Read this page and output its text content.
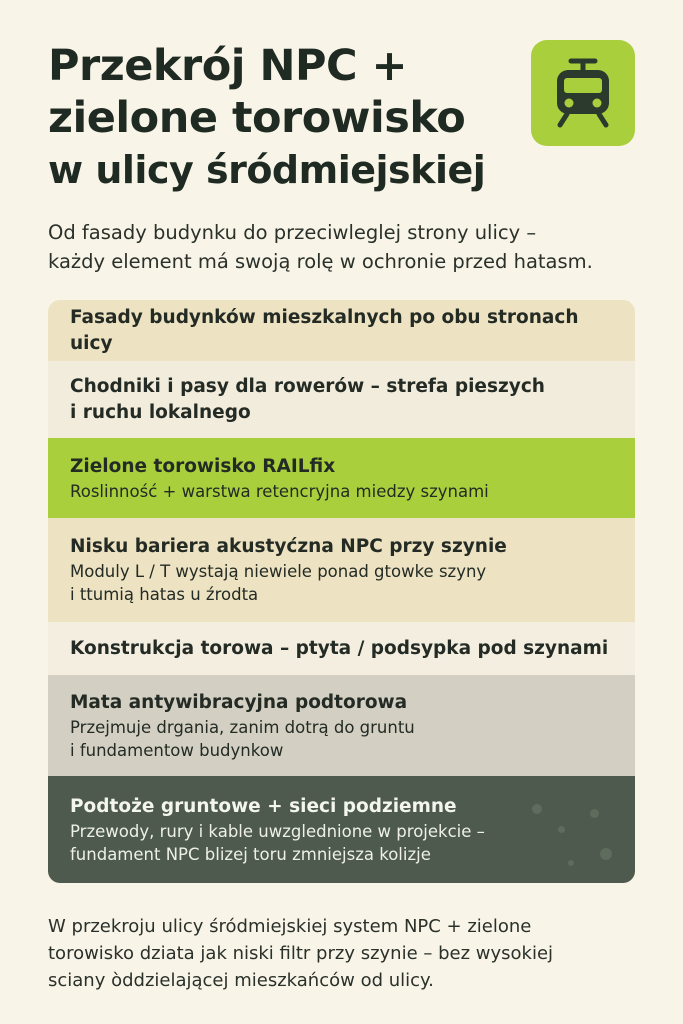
Przekrój NPC +
zielone torowisko
w ulicy śródmiejskiej

Od fasady budynku do przeciwleglej strony ulicy –
każdy element má swoją rolę w ochronie przed hatasm.

Fasady budynków mieszkalnych po obu stronach uicy
Chodniki i pasy dla rowerów – strefa pieszych
i ruchu lokalnego
Zielone torowisko RAILfix
Roslinność + warstwa retencryjna miedzy szynami
Nisku bariera akustyćzna NPC przy szynie
Moduly L / T wystają niewiele ponad gtowke szyny
i ttumią hatas u źrodta
Konstrukcja torowa – ptyta / podsypka pod szynami
Mata antywibracyjna podtorowa
Przejmuje drgania, zanim dotrą do gruntu
i fundamentow budynkow
Podtoże gruntowe + sieci podziemne
Przewody, rury i kable uwzglednione w projekcie –
fundament NPC blizej toru zmniejsza kolizje

W przekroju ulicy śródmiejskiej system NPC + zielone
torowisko dziata jak niski filtr przy szynie – bez wysokiej
sciany òddzielającej mieszkańców od ulicy.
